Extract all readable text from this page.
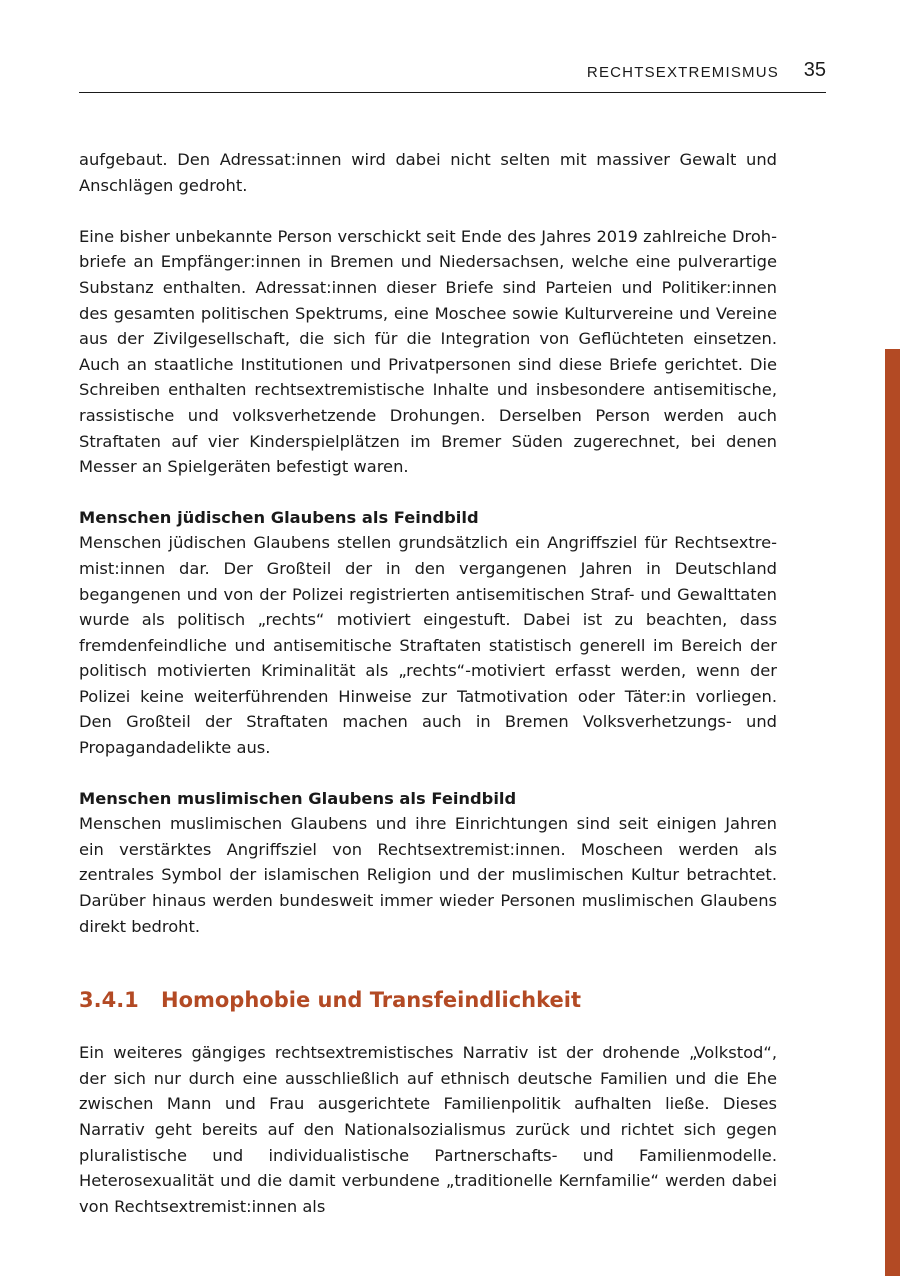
RECHTSEXTREMISMUS 35

aufgebaut. Den Adressat:innen wird dabei nicht selten mit massiver Gewalt und Anschlägen gedroht.

Eine bisher unbekannte Person verschickt seit Ende des Jahres 2019 zahlreiche Drohbriefe an Empfänger:innen in Bremen und Niedersachsen, welche eine pulverartige Substanz enthalten. Adressat:innen dieser Briefe sind Parteien und Politiker:innen des gesamten politischen Spektrums, eine Moschee sowie Kulturvereine und Vereine aus der Zivilgesellschaft, die sich für die Integration von Geflüchteten einsetzen. Auch an staatliche Institutionen und Privatpersonen sind diese Briefe gerichtet. Die Schreiben enthalten rechtsextremistische Inhalte und insbesondere antisemitische, rassistische und volksverhetzende Drohungen. Derselben Person werden auch Straftaten auf vier Kinderspielplätzen im Bremer Süden zugerechnet, bei denen Messer an Spielgeräten befestigt waren.

Menschen jüdischen Glaubens als Feindbild

Menschen jüdischen Glaubens stellen grundsätzlich ein Angriffsziel für Rechtsextremist:innen dar. Der Großteil der in den vergangenen Jahren in Deutschland begangenen und von der Polizei registrierten antisemitischen Straf- und Gewalttaten wurde als politisch „rechts“ motiviert eingestuft. Dabei ist zu beachten, dass fremdenfeindliche und antisemitische Straftaten statistisch generell im Bereich der politisch motivierten Kriminalität als „rechts“-motiviert erfasst werden, wenn der Polizei keine weiterführenden Hinweise zur Tatmotivation oder Täter:in vorliegen. Den Großteil der Straftaten machen auch in Bremen Volksverhetzungs- und Propagandadelikte aus.

Menschen muslimischen Glaubens als Feindbild

Menschen muslimischen Glaubens und ihre Einrichtungen sind seit einigen Jahren ein verstärktes Angriffsziel von Rechtsextremist:innen. Moscheen werden als zentrales Symbol der islamischen Religion und der muslimischen Kultur betrachtet. Darüber hinaus werden bundesweit immer wieder Personen muslimischen Glaubens direkt bedroht.

3.4.1 Homophobie und Transfeindlichkeit

Ein weiteres gängiges rechtsextremistisches Narrativ ist der drohende „Volkstod“, der sich nur durch eine ausschließlich auf ethnisch deutsche Familien und die Ehe zwischen Mann und Frau ausgerichtete Familienpolitik aufhalten ließe. Dieses Narrativ geht bereits auf den Nationalsozialismus zurück und richtet sich gegen pluralistische und individualistische Partnerschafts- und Familienmodelle. Heterosexualität und die damit verbundene „traditionelle Kernfamilie“ werden dabei von Rechtsextremist:innen als
